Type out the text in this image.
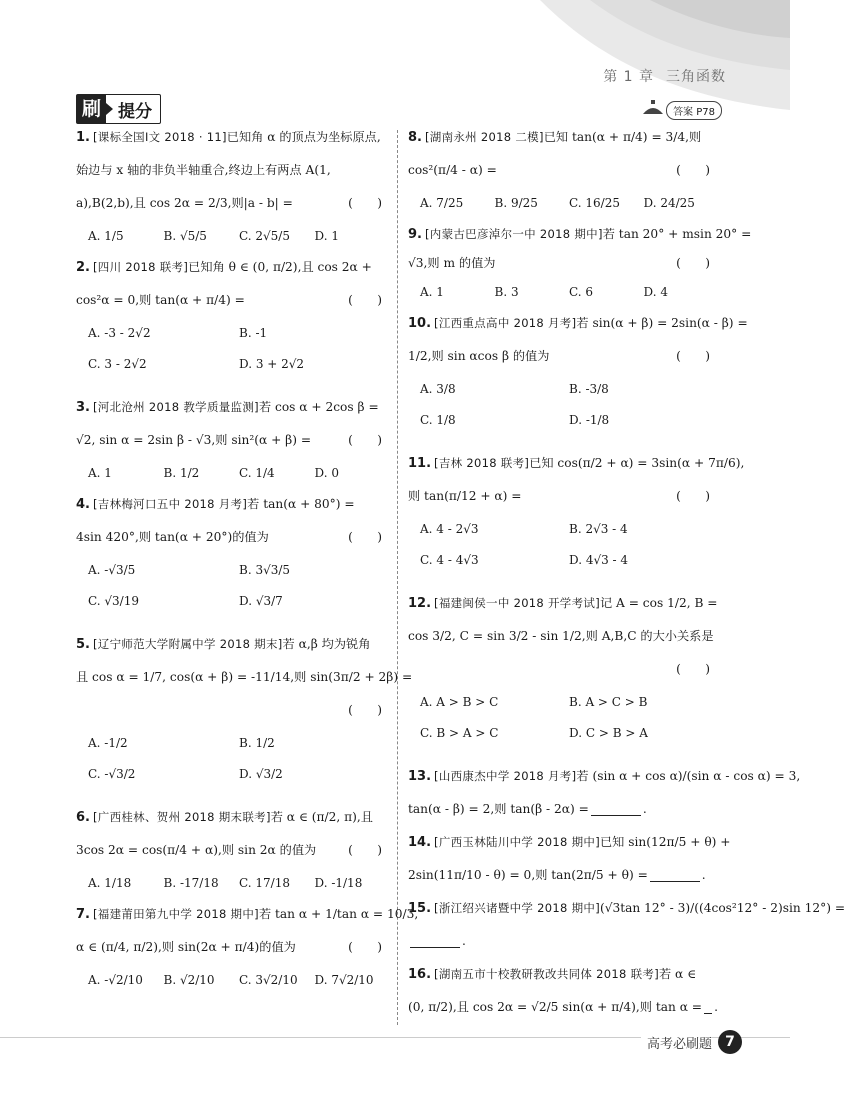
第 1 章 三角函数
刷 提分	答案 P78
1. [课标全国Ⅰ文 2018 · 11] 已知角 α 的顶点为坐标原点,
始边与 x 轴的非负半轴重合,终边上有两点 A(1,
a),B(2,b),且 cos 2α = 2/3,则|a - b| =	(　　)
A. 1/5	B. √5/5	C. 2√5/5	D. 1
2. [四川 2018 联考] 已知角 θ ∈ (0, π/2),且 cos 2α +
cos²α = 0,则 tan(α + π/4) =	(　　)
A. -3 - 2√2	B. -1
C. 3 - 2√2	D. 3 + 2√2
3. [河北沧州 2018 教学质量监测] 若 cos α + 2cos β =
√2, sin α = 2sin β - √3,则 sin²(α + β) =	(　　)
A. 1	B. 1/2	C. 1/4	D. 0
4. [吉林梅河口五中 2018 月考] 若 tan(α + 80°) =
4sin 420°,则 tan(α + 20°)的值为	(　　)
A. -√3/5	B. 3√3/5
C. √3/19	D. √3/7
5. [辽宁师范大学附属中学 2018 期末] 若 α,β 均为锐角
且 cos α = 1/7, cos(α + β) = -11/14,则 sin(3π/2 + 2β) =
(　　)
A. -1/2	B. 1/2
C. -√3/2	D. √3/2
6. [广西桂林、贺州 2018 期末联考] 若 α ∈ (π/2, π),且
3cos 2α = cos(π/4 + α),则 sin 2α 的值为	(　　)
A. 1/18	B. -17/18	C. 17/18	D. -1/18
7. [福建莆田第九中学 2018 期中] 若 tan α + 1/tan α = 10/3,
α ∈ (π/4, π/2),则 sin(2α + π/4)的值为	(　　)
A. -√2/10	B. √2/10	C. 3√2/10	D. 7√2/10
8. [湖南永州 2018 二模] 已知 tan(α + π/4) = 3/4,则
cos²(π/4 - α) =	(　　)
A. 7/25	B. 9/25	C. 16/25	D. 24/25
9. [内蒙古巴彦淖尔一中 2018 期中] 若 tan 20° + msin 20° =
√3,则 m 的值为	(　　)
A. 1	B. 3	C. 6	D. 4
10. [江西重点高中 2018 月考] 若 sin(α + β) = 2sin(α - β) =
1/2,则 sin αcos β 的值为	(　　)
A. 3/8	B. -3/8
C. 1/8	D. -1/8
11. [吉林 2018 联考] 已知 cos(π/2 + α) = 3sin(α + 7π/6),
则 tan(π/12 + α) =	(　　)
A. 4 - 2√3	B. 2√3 - 4
C. 4 - 4√3	D. 4√3 - 4
12. [福建闽侯一中 2018 开学考试] 记 A = cos 1/2, B =
cos 3/2, C = sin 3/2 - sin 1/2,则 A,B,C 的大小关系是
(　　)
A. A > B > C	B. A > C > B
C. B > A > C	D. C > B > A
13. [山西康杰中学 2018 月考] 若 (sin α + cos α)/(sin α - cos α) = 3,
tan(α - β) = 2,则 tan(β - 2α) =	.
14. [广西玉林陆川中学 2018 期中] 已知 sin(12π/5 + θ) +
2sin(11π/10 - θ) = 0,则 tan(2π/5 + θ) =	.
15. [浙江绍兴诸暨中学 2018 期中] (√3tan 12° - 3)/((4cos²12° - 2)sin 12°) =
.
16. [湖南五市十校教研教改共同体 2018 联考] 若 α ∈
(0, π/2),且 cos 2α = √2/5 sin(α + π/4),则 tan α = .
高考必刷题 7
